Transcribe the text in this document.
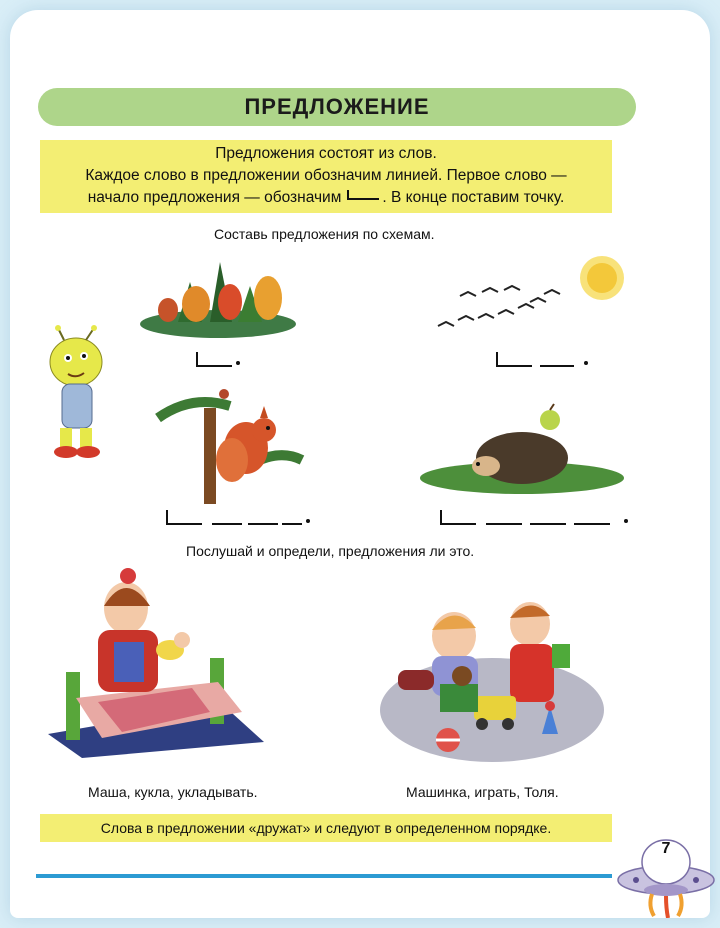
ПРЕДЛОЖЕНИЕ
Предложения состоят из слов.
Каждое слово в предложении обозначим линией. Первое слово —
начало предложения — обозначим	. В конце поставим точку.
Составь предложения по схемам.
Послушай и определи, предложения ли это.
Маша, кукла, укладывать.	Машинка, играть, Толя.
Слова в предложении «дружат» и следуют в определенном порядке.
7
